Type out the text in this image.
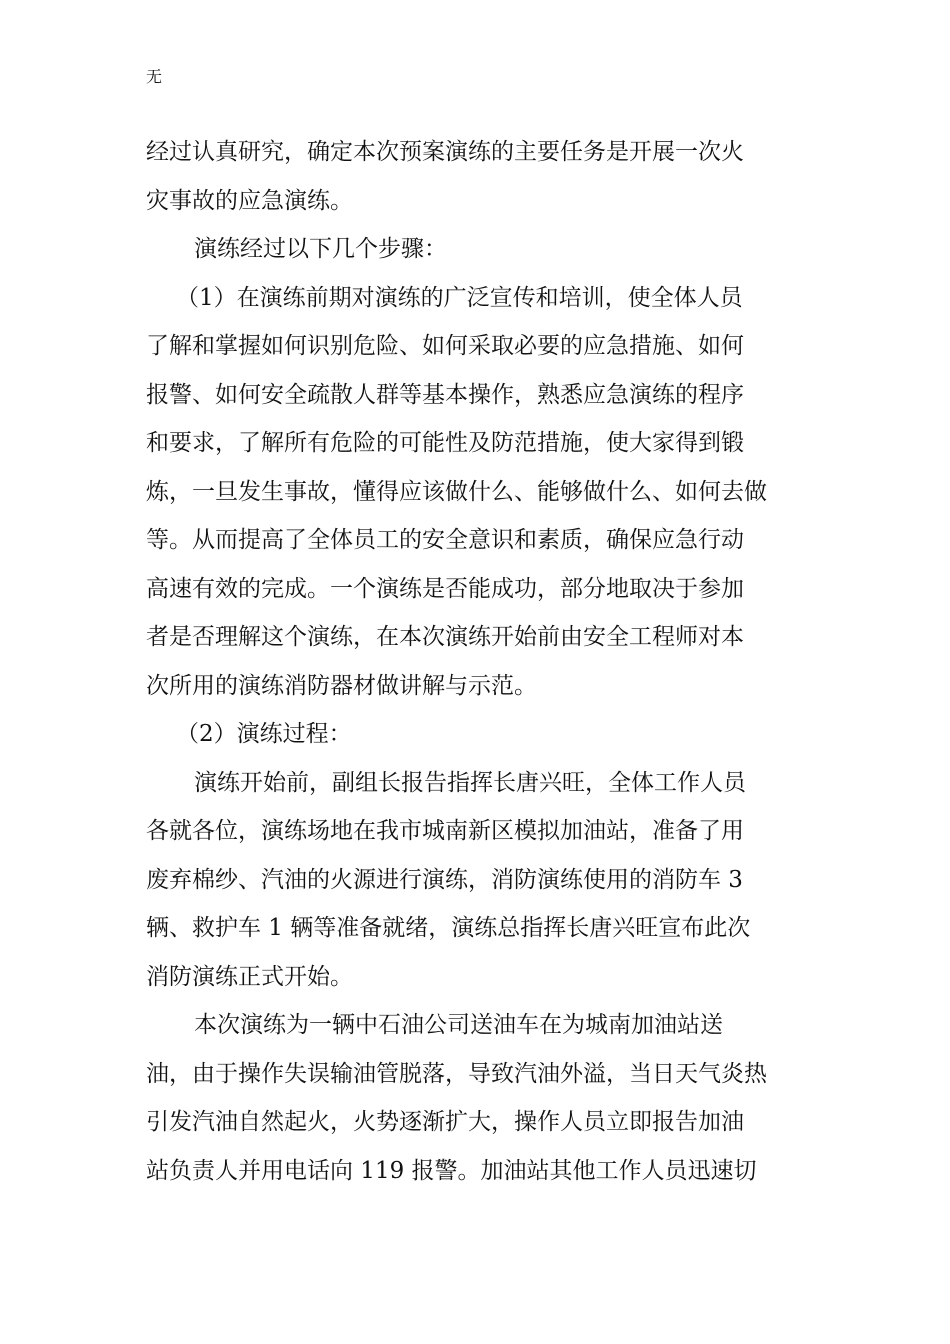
无
经过认真研究，确定本次预案演练的主要任务是开展一次火
灾事故的应急演练。
演练经过以下几个步骤：
（1）在演练前期对演练的广泛宣传和培训，使全体人员
了解和掌握如何识别危险、如何采取必要的应急措施、如何
报警、如何安全疏散人群等基本操作，熟悉应急演练的程序
和要求，了解所有危险的可能性及防范措施，使大家得到锻
炼，一旦发生事故，懂得应该做什么、能够做什么、如何去做
等。从而提高了全体员工的安全意识和素质，确保应急行动
高速有效的完成。一个演练是否能成功，部分地取决于参加
者是否理解这个演练，在本次演练开始前由安全工程师对本
次所用的演练消防器材做讲解与示范。
（2）演练过程：
演练开始前，副组长报告指挥长唐兴旺，全体工作人员
各就各位，演练场地在我市城南新区模拟加油站，准备了用
废弃棉纱、汽油的火源进行演练，消防演练使用的消防车 3
辆、救护车 1 辆等准备就绪，演练总指挥长唐兴旺宣布此次
消防演练正式开始。
本次演练为一辆中石油公司送油车在为城南加油站送
油，由于操作失误输油管脱落，导致汽油外溢，当日天气炎热
引发汽油自然起火，火势逐渐扩大，操作人员立即报告加油
站负责人并用电话向 119 报警。加油站其他工作人员迅速切
